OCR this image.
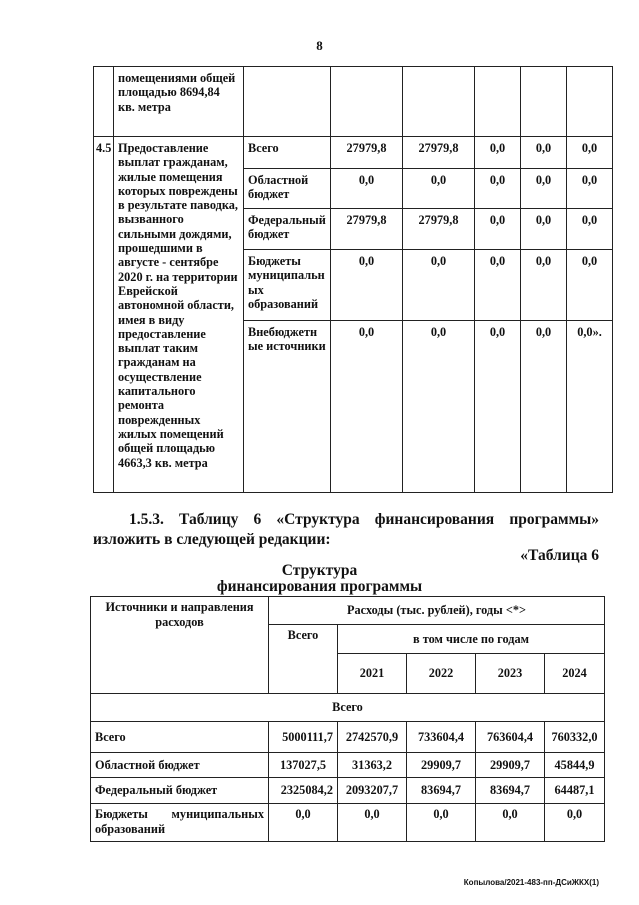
8
	помещениями общей площадью 8694,84 кв. метра						
4.5	Предоставление выплат гражданам, жилые помещения которых повреждены в результате паводка, вызванного сильными дождями, прошедшими в августе - сентябре 2020 г. на территории Еврейской автономной области, имея в виду предоставление выплат таким гражданам на осуществление капитального ремонта поврежденных жилых помещений общей площадью 4663,3 кв. метра	Всего	27979,8	27979,8	0,0	0,0	0,0
		Областной бюджет	0,0	0,0	0,0	0,0	0,0
		Федеральный бюджет	27979,8	27979,8	0,0	0,0	0,0
		Бюджеты муниципальн ых образований	0,0	0,0	0,0	0,0	0,0
		Внебюджетн ые источники	0,0	0,0	0,0	0,0	0,0».
1.5.3. Таблицу 6 «Структура финансирования программы» изложить в следующей редакции:
«Таблица 6
Структура
финансирования программы
Источники и направления расходов	Расходы (тыс. рублей), годы <*>				
	Всего	в том числе по годам			
		2021	2022	2023	2024
Всего					
Всего	5000111,7	2742570,9	733604,4	763604,4	760332,0
Областной бюджет	137027,5	31363,2	29909,7	29909,7	45844,9
Федеральный бюджет	2325084,2	2093207,7	83694,7	83694,7	64487,1
Бюджеты муниципальных образований	0,0	0,0	0,0	0,0	0,0
Копылова/2021-483-пп-ДСиЖКХ(1)
